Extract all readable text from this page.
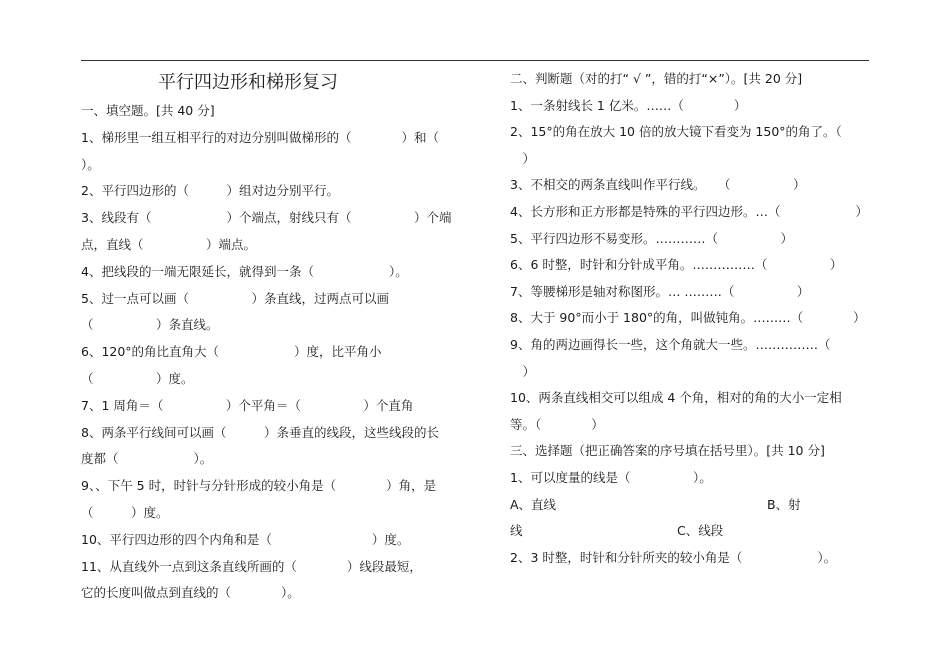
平行四边形和梯形复习
一、填空题。[共 40 分]
1、梯形里一组互相平行的对边分别叫做梯形的（　　　　）和（
）。
2、平行四边形的（　　　）组对边分别平行。
3、线段有（　　　　　　）个端点，射线只有（　　　　　）个端
点，直线（　　　　　）端点。
4、把线段的一端无限延长，就得到一条（　　　　　　）。
5、过一点可以画（　　　　　）条直线，过两点可以画
（　　　　　）条直线。
6、120°的角比直角大（　　　　　　）度，比平角小
（　　　　　）度。
7、1 周角＝（　　　　　）个平角＝（　　　　　）个直角
8、两条平行线间可以画（　　　）条垂直的线段，这些线段的长
度都（　　　　　　）。
9、、下午 5 时，时针与分针形成的较小角是（　　　　）角，是
（　　　）度。
10、平行四边形的四个内角和是（　　　　　　　　）度。
11、从直线外一点到这条直线所画的（　　　　）线段最短，
它的长度叫做点到直线的（　　　　）。
二、判断题（对的打“ √ ”，错的打“×”）。[共 20 分]
1、一条射线长 1 亿米。……（　　　　）
2、15°的角在放大 10 倍的放大镜下看变为 150°的角了。（
　）
3、不相交的两条直线叫作平行线。　　（　　　　　）
4、长方形和正方形都是特殊的平行四边形。…（　　　　　　）
5、平行四边形不易变形。…………（　　　　　）
6、6 时整，时针和分针成平角。……………（　　　　　）
7、等腰梯形是轴对称图形。… ………（　　　　　）
8、大于 90°而小于 180°的角，叫做钝角。………（　　　　）
9、角的两边画得长一些，这个角就大一些。……………（
　）
10、两条直线相交可以组成 4 个角，相对的角的大小一定相
等。（　　　　）
三、选择题（把正确答案的序号填在括号里）。[共 10 分]
1、可以度量的线是（　　　　　）。
A、直线	B、射
线	C、线段
2、3 时整，时针和分针所夹的较小角是（　　　　　　）。
